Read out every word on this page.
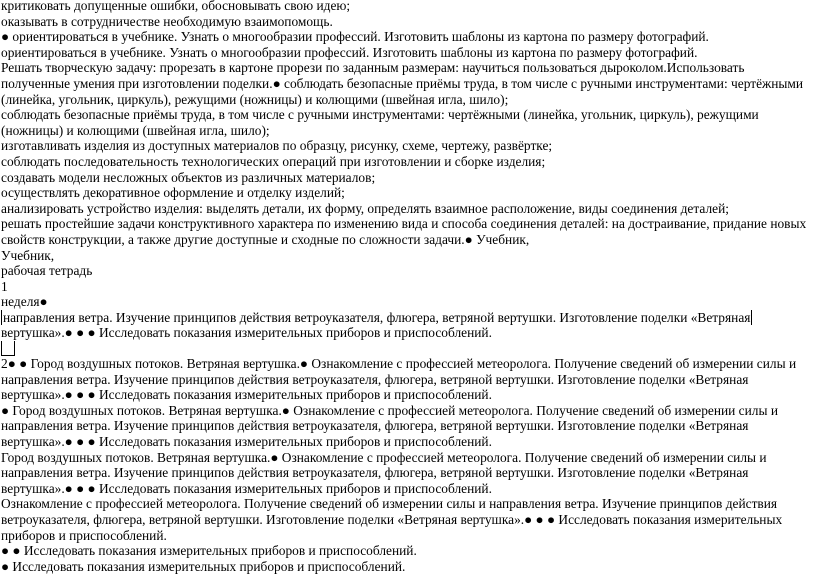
критиковать допущенные ошибки, обосновывать свою идею;
оказывать в сотрудничестве необходимую взаимопомощь.
● ориентироваться в учебнике. Узнать о многообразии профессий. Изготовить шаблоны из картона по размеру фотографий.
ориентироваться в учебнике. Узнать о многообразии профессий. Изготовить шаблоны из картона по размеру фотографий.
Решать творческую задачу: прорезать в картоне прорези по заданным размерам: научиться пользоваться дыроколом.Использовать полученные умения при изготовлении поделки.● соблюдать безопасные приёмы труда, в том числе с ручными инструментами: чертёжными (линейка, угольник, циркуль), режущими (ножницы) и колющими (швейная игла, шило);
соблюдать безопасные приёмы труда, в том числе с ручными инструментами: чертёжными (линейка, угольник, циркуль), режущими (ножницы) и колющими (швейная игла, шило);
изготавливать изделия из доступных материалов по образцу, рисунку, схеме, чертежу, развёртке;
соблюдать последовательность технологических операций при изготовлении и сборке изделия;
создавать модели несложных объектов из различных материалов;
осуществлять декоративное оформление и отделку изделий;
анализировать устройство изделия: выделять детали, их форму, определять взаимное расположение, виды соединения деталей;
решать простейшие задачи конструктивного характера по изменению вида и способа соединения деталей: на достраивание, придание новых свойств конструкции, а также другие доступные и сходные по сложности задачи.● Учебник,
Учебник,
рабочая тетрадь
1
неделя●
направления ветра. Изучение принципов действия ветроуказателя, флюгера, ветряной вертушки. Изготовление поделки «Ветряная
вертушка».● ● ● Исследовать показания измерительных приборов и приспособлений.
2● ● Город воздушных потоков. Ветряная вертушка.● Ознакомление с профессией метеоролога. Получение сведений об измерении силы и направления ветра. Изучение принципов действия ветроуказателя, флюгера, ветряной вертушки. Изготовление поделки «Ветряная вертушка».● ● ● Исследовать показания измерительных приборов и приспособлений.
● Город воздушных потоков. Ветряная вертушка.● Ознакомление с профессией метеоролога. Получение сведений об измерении силы и направления ветра. Изучение принципов действия ветроуказателя, флюгера, ветряной вертушки. Изготовление поделки «Ветряная вертушка».● ● ● Исследовать показания измерительных приборов и приспособлений.
Город воздушных потоков. Ветряная вертушка.● Ознакомление с профессией метеоролога. Получение сведений об измерении силы и направления ветра. Изучение принципов действия ветроуказателя, флюгера, ветряной вертушки. Изготовление поделки «Ветряная вертушка».● ● ● Исследовать показания измерительных приборов и приспособлений.
Ознакомление с профессией метеоролога. Получение сведений об измерении силы и направления ветра. Изучение принципов действия ветроуказателя, флюгера, ветряной вертушки. Изготовление поделки «Ветряная вертушка».● ● ● Исследовать показания измерительных приборов и приспособлений.
● ● Исследовать показания измерительных приборов и приспособлений.
● Исследовать показания измерительных приборов и приспособлений.
